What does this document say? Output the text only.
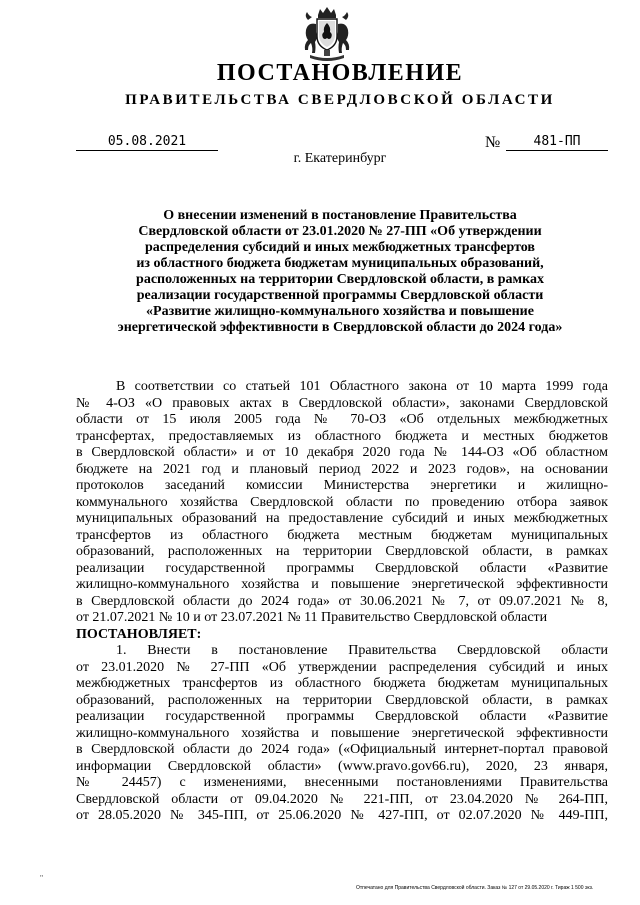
ПОСТАНОВЛЕНИЕ
ПРАВИТЕЛЬСТВА СВЕРДЛОВСКОЙ ОБЛАСТИ
05.08.2021	№	481-ПП
г. Екатеринбург
О внесении изменений в постановление Правительства
Свердловской области от 23.01.2020 № 27-ПП «Об утверждении
распределения субсидий и иных межбюджетных трансфертов
из областного бюджета бюджетам муниципальных образований,
расположенных на территории Свердловской области, в рамках
реализации государственной программы Свердловской области
«Развитие жилищно-коммунального хозяйства и повышение
энергетической эффективности в Свердловской области до 2024 года»
В соответствии со статьей 101 Областного закона от 10 марта 1999 года
№ 4-ОЗ «О правовых актах в Свердловской области», законами Свердловской
области от 15 июля 2005 года № 70-ОЗ «Об отдельных межбюджетных
трансфертах, предоставляемых из областного бюджета и местных бюджетов
в Свердловской области» и от 10 декабря 2020 года № 144-ОЗ «Об областном
бюджете на 2021 год и плановый период 2022 и 2023 годов», на основании
протоколов заседаний комиссии Министерства энергетики и жилищно-
коммунального хозяйства Свердловской области по проведению отбора заявок
муниципальных образований на предоставление субсидий и иных межбюджетных
трансфертов из областного бюджета местным бюджетам муниципальных
образований, расположенных на территории Свердловской области, в рамках
реализации государственной программы Свердловской области «Развитие
жилищно-коммунального хозяйства и повышение энергетической эффективности
в Свердловской области до 2024 года» от 30.06.2021 № 7, от 09.07.2021 № 8,
от 21.07.2021 № 10 и от 23.07.2021 № 11 Правительство Свердловской области
ПОСТАНОВЛЯЕТ:
1. Внести в постановление Правительства Свердловской области
от 23.01.2020 № 27-ПП «Об утверждении распределения субсидий и иных
межбюджетных трансфертов из областного бюджета бюджетам муниципальных
образований, расположенных на территории Свердловской области, в рамках
реализации государственной программы Свердловской области «Развитие
жилищно-коммунального хозяйства и повышение энергетической эффективности
в Свердловской области до 2024 года» («Официальный интернет-портал правовой
информации Свердловской области» (www.pravo.gov66.ru), 2020, 23 января,
№ 24457) с изменениями, внесенными постановлениями Правительства
Свердловской области от 09.04.2020 № 221-ПП, от 23.04.2020 № 264-ПП,
от 28.05.2020 № 345-ПП, от 25.06.2020 № 427-ПП, от 02.07.2020 № 449-ПП,
''
Отпечатано для Правительства Свердловской области. Заказ № 127 от 29.05.2020 г. Тираж 1 500 экз.
